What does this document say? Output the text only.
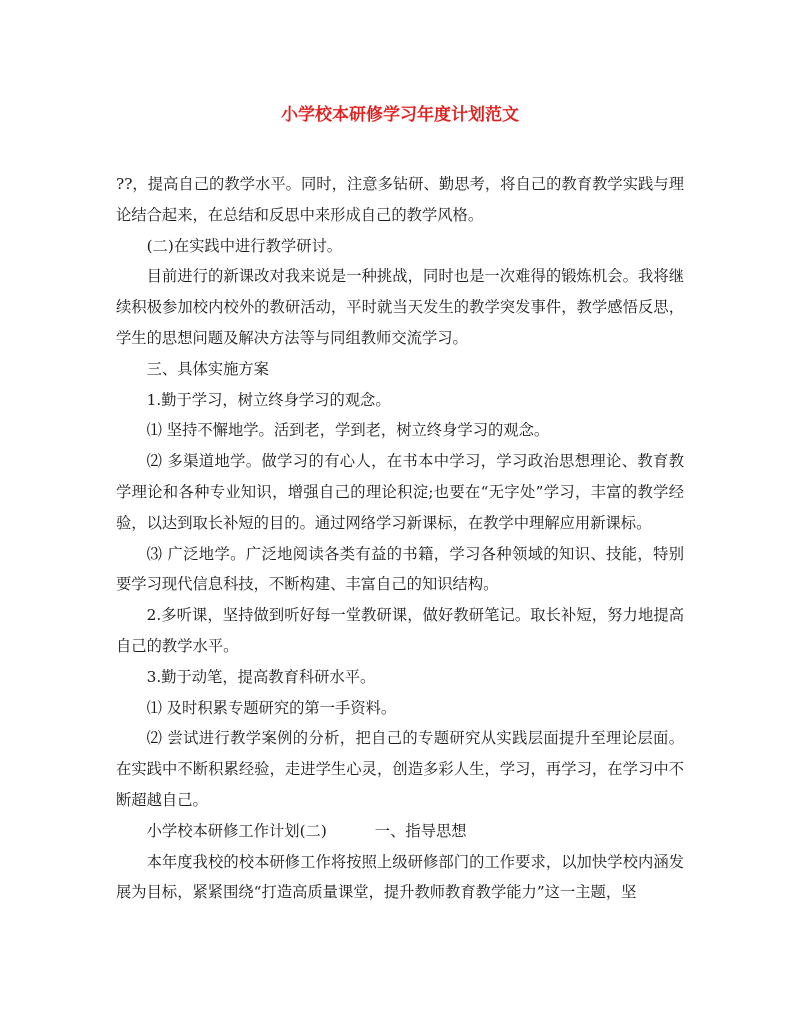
小学校本研修学习年度计划范文

??，提高自己的教学水平。同时，注意多钻研、勤思考，将自己的教育教学实践与理论结合起来，在总结和反思中来形成自己的教学风格。

(二)在实践中进行教学研讨。

目前进行的新课改对我来说是一种挑战，同时也是一次难得的锻炼机会。我将继续积极参加校内校外的教研活动，平时就当天发生的教学突发事件，教学感悟反思，学生的思想问题及解决方法等与同组教师交流学习。

三、具体实施方案

1.勤于学习，树立终身学习的观念。

⑴ 坚持不懈地学。活到老，学到老，树立终身学习的观念。

⑵ 多渠道地学。做学习的有心人，在书本中学习，学习政治思想理论、教育教学理论和各种专业知识，增强自己的理论积淀;也要在“无字处”学习，丰富的教学经验，以达到取长补短的目的。通过网络学习新课标，在教学中理解应用新课标。

⑶ 广泛地学。广泛地阅读各类有益的书籍，学习各种领域的知识、技能，特别要学习现代信息科技，不断构建、丰富自己的知识结构。

2.多听课，坚持做到听好每一堂教研课，做好教研笔记。取长补短，努力地提高自己的教学水平。

3.勤于动笔，提高教育科研水平。

⑴ 及时积累专题研究的第一手资料。

⑵ 尝试进行教学案例的分析，把自己的专题研究从实践层面提升至理论层面。在实践中不断积累经验，走进学生心灵，创造多彩人生，学习，再学习，在学习中不断超越自己。

小学校本研修工作计划(二)	一、指导思想

本年度我校的校本研修工作将按照上级研修部门的工作要求，以加快学校内涵发展为目标，紧紧围绕“打造高质量课堂，提升教师教育教学能力”这一主题，坚
